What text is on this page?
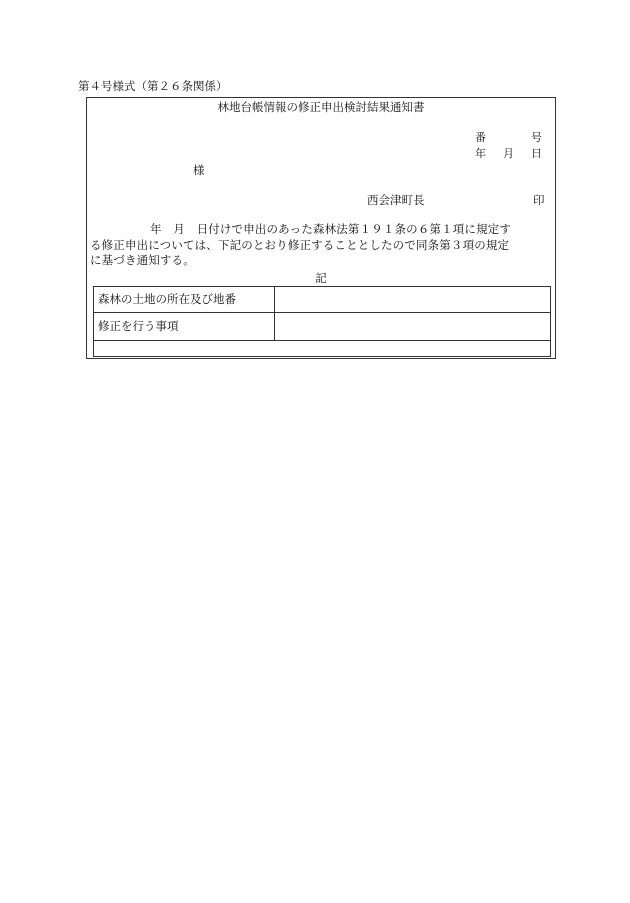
第４号様式（第２６条関係）
林地台帳情報の修正申出検討結果通知書
番	号
年 月 日
様
西会津町長	印
年　月　日付けで申出のあった森林法第１９１条の６第１項に規定す
る修正申出については、下記のとおり修正することとしたので同条第３項の規定
に基づき通知する。
記
森林の土地の所在及び地番	
修正を行う事項	
